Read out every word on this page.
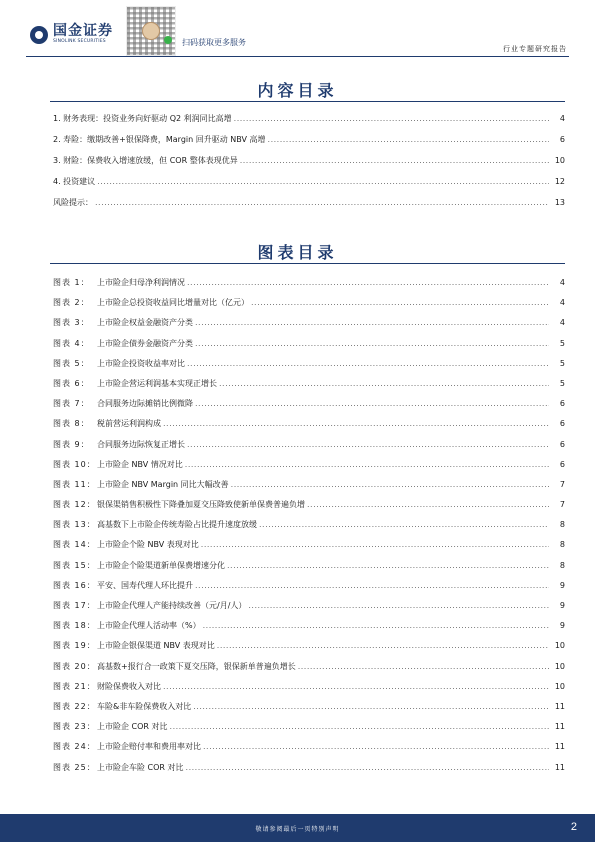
国金证券
SINOLINK SECURITIES	扫码获取更多服务
行业专题研究报告
内容目录
1. 财务表现：投资业务向好驱动 Q2 利润同比高增 .....	4
2. 寿险：缴期改善+银保降费，Margin 回升驱动 NBV 高增 .....	6
3. 财险：保费收入增速放缓，但 COR 整体表现优异 .....	10
4. 投资建议 .....	12
风险提示： .....	13
图表目录
图表 1： 上市险企归母净利润情况 .....	4
图表 2： 上市险企总投资收益同比增量对比（亿元） .....	4
图表 3： 上市险企权益金融资产分类 .....	4
图表 4： 上市险企债券金融资产分类 .....	5
图表 5： 上市险企投资收益率对比 .....	5
图表 6： 上市险企营运利润基本实现正增长 .....	5
图表 7： 合同服务边际摊销比例微降 .....	6
图表 8： 税前营运利润构成 .....	6
图表 9： 合同服务边际恢复正增长 .....	6
图表 10：上市险企 NBV 情况对比 .....	6
图表 11：上市险企 NBV Margin 同比大幅改善 .....	7
图表 12：银保渠销售积极性下降叠加夏交压降致使新单保费普遍负增 .....	7
图表 13：高基数下上市险企传统寿险占比提升速度放缓 .....	8
图表 14：上市险企个险 NBV 表现对比 .....	8
图表 15：上市险企个险渠道新单保费增速分化 .....	8
图表 16：平安、国寿代理人环比提升 .....	9
图表 17：上市险企代理人产能持续改善（元/月/人） .....	9
图表 18：上市险企代理人活动率（%） .....	9
图表 19：上市险企银保渠道 NBV 表现对比 .....	10
图表 20：高基数+报行合一政策下夏交压降，银保新单普遍负增长 .....	10
图表 21：财险保费收入对比 .....	10
图表 22：车险&非车险保费收入对比 .....	11
图表 23：上市险企 COR 对比 .....	11
图表 24：上市险企赔付率和费用率对比 .....	11
图表 25：上市险企车险 COR 对比 .....	11
敬请参阅最后一页特别声明	2
